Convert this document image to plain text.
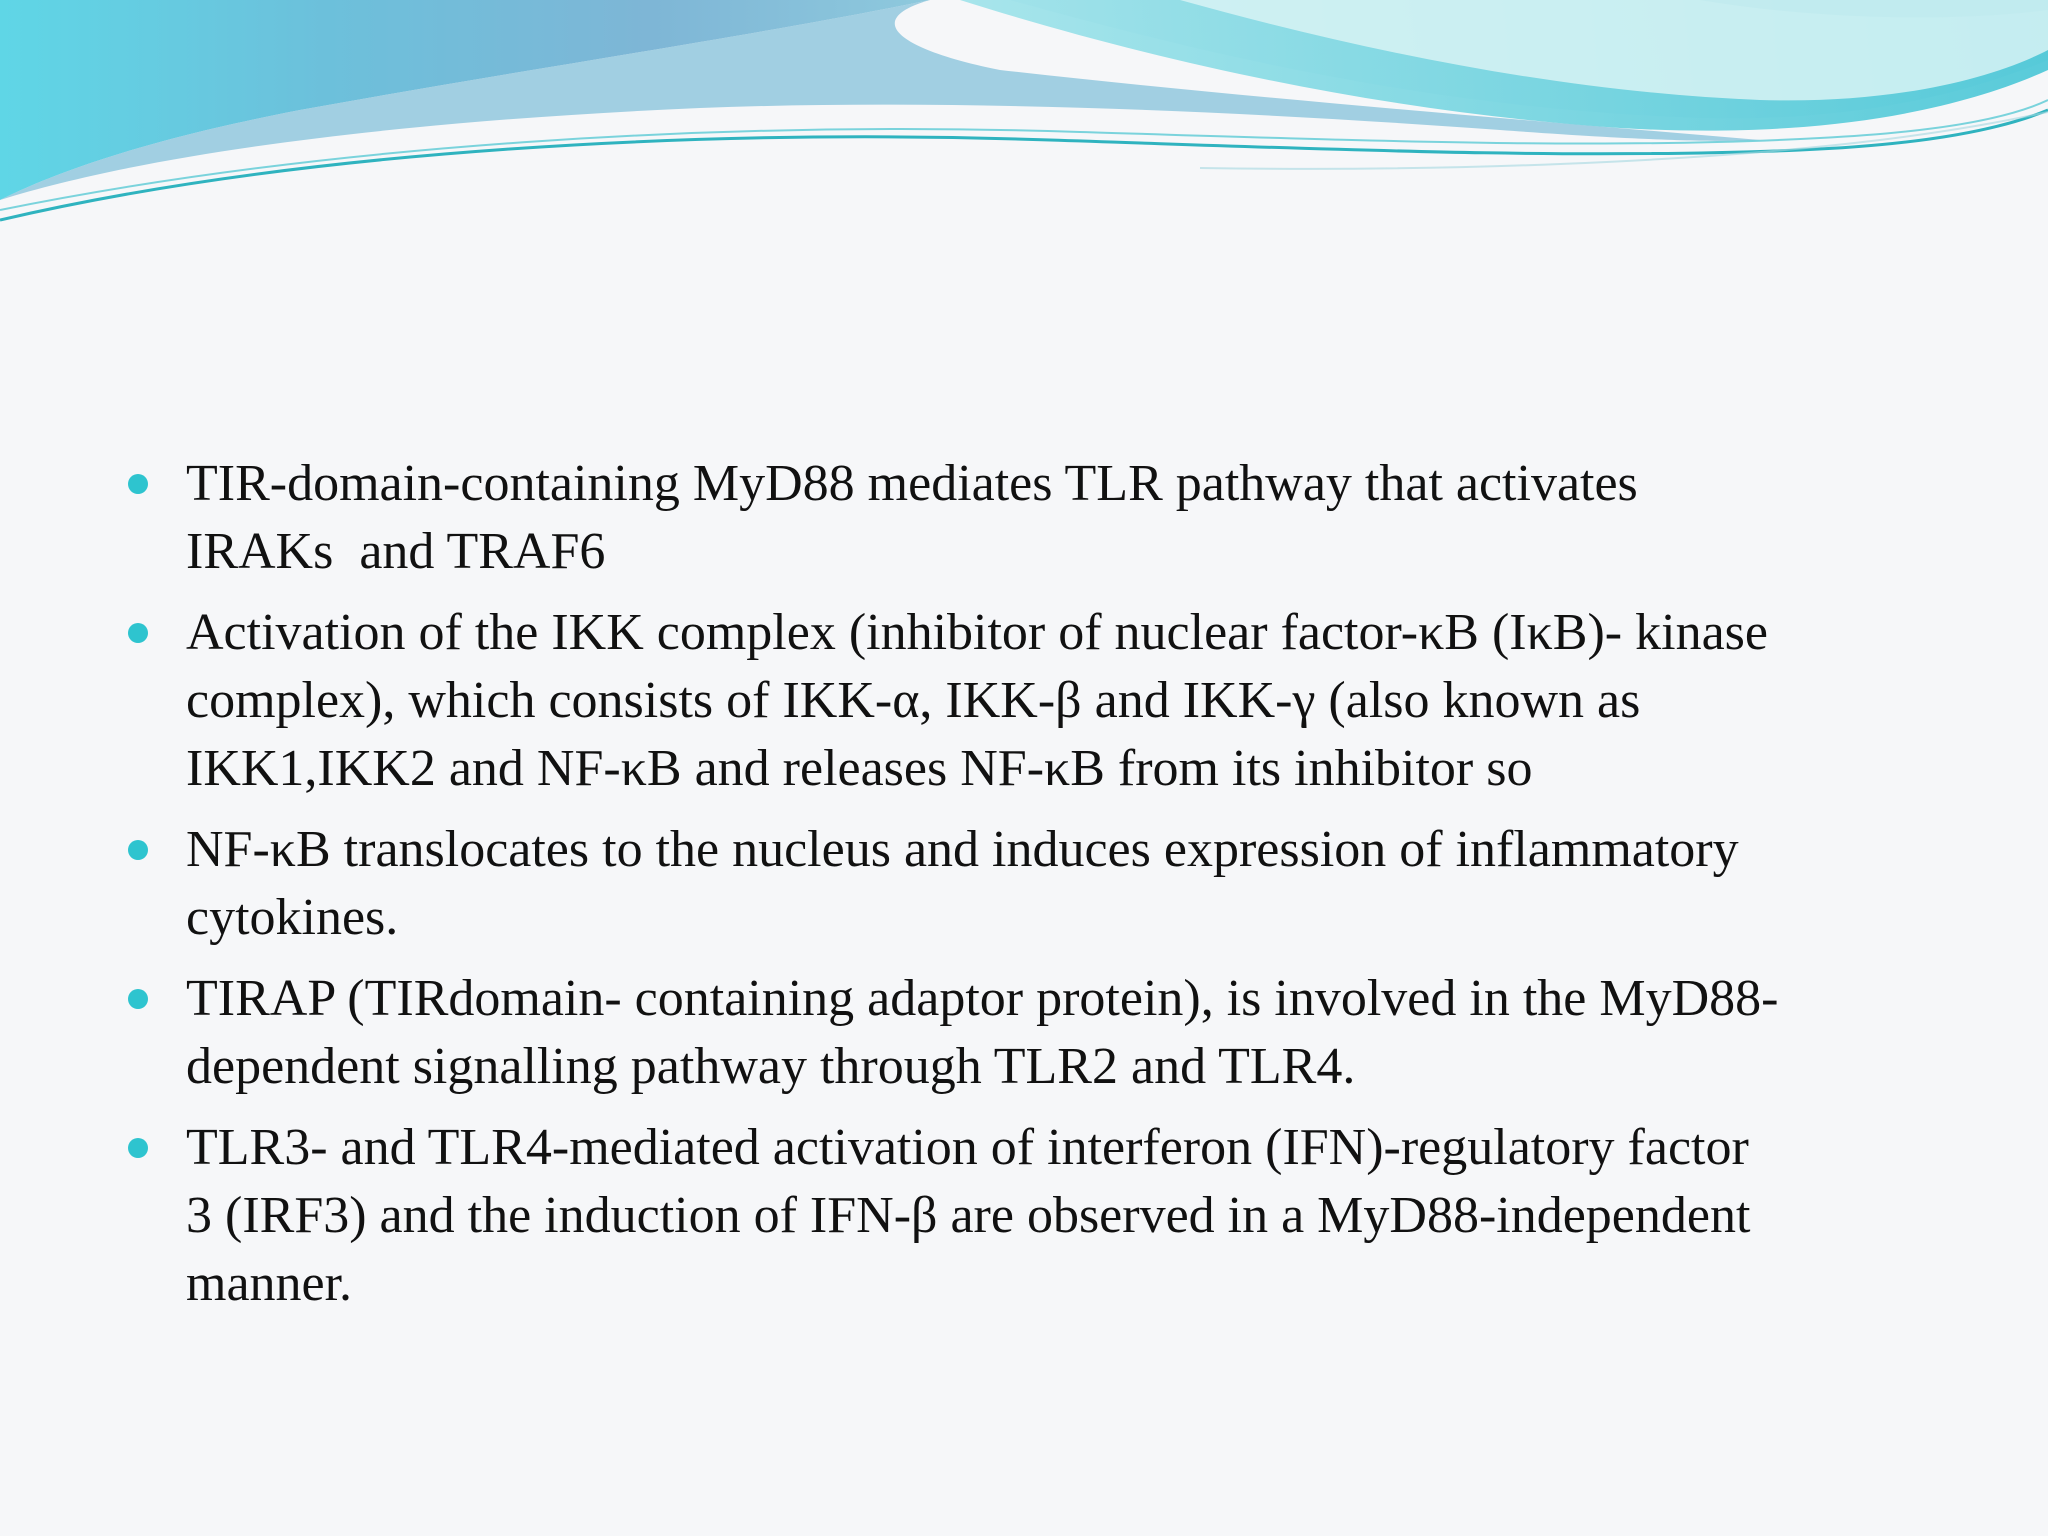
TIR-domain-containing MyD88 mediates TLR pathway that activates
IRAKs  and TRAF6
Activation of the IKK complex (inhibitor of nuclear factor-κB (IκB)- kinase
complex), which consists of IKK-α, IKK-β and IKK-γ (also known as
IKK1,IKK2 and NF-κB and releases NF-κB from its inhibitor so
NF-κB translocates to the nucleus and induces expression of inflammatory
cytokines.
TIRAP (TIRdomain- containing adaptor protein), is involved in the MyD88-
dependent signalling pathway through TLR2 and TLR4.
TLR3- and TLR4-mediated activation of interferon (IFN)-regulatory factor
3 (IRF3) and the induction of IFN-β are observed in a MyD88-independent
manner.
